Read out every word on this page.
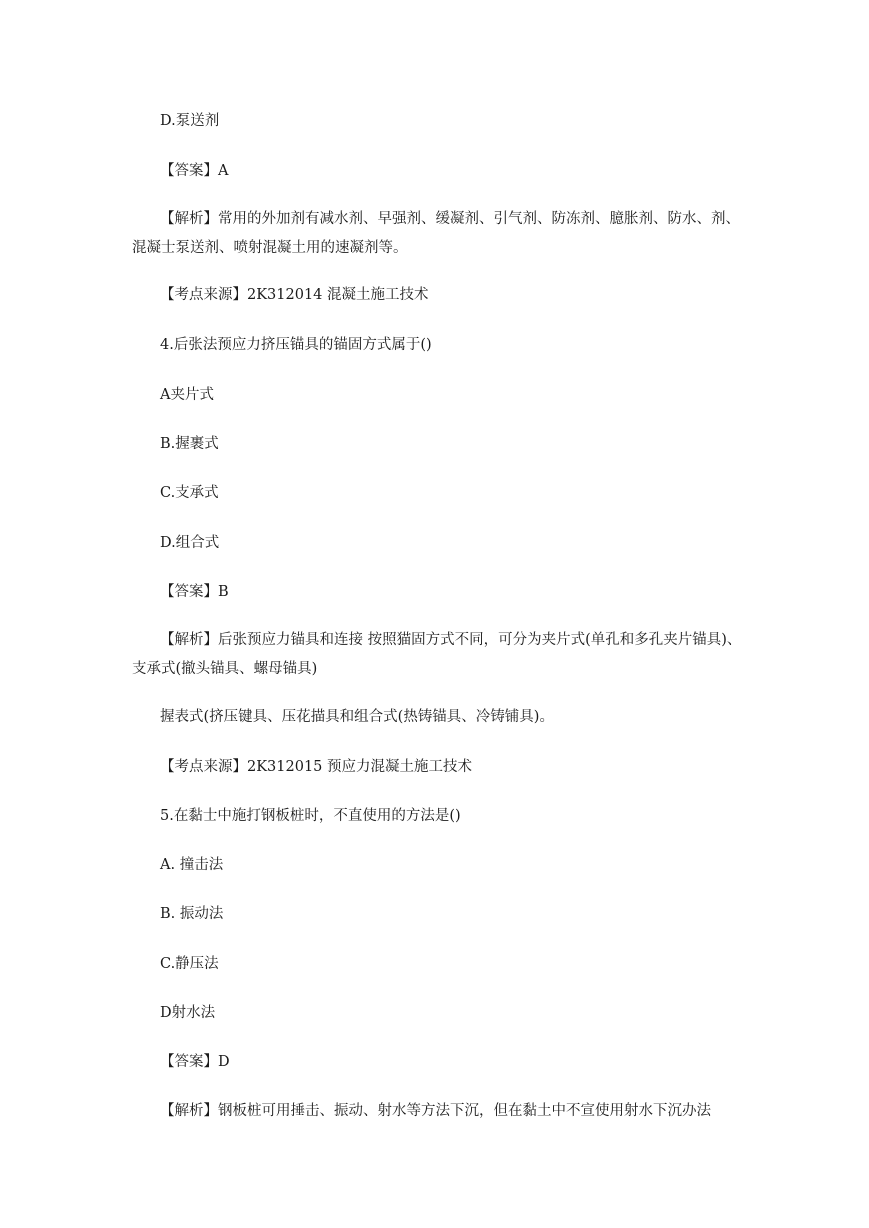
D.泵送剂
【答案】A
【解析】常用的外加剂有减水剂、早强剂、缓凝剂、引气剂、防冻剂、臆胀剂、防水、剂、混凝士泵送剂、喷射混凝土用的速凝剂等。
【考点来源】2K312014 混凝土施工技术
4.后张法预应力挤压锚具的锚固方式属于()
A夹片式
B.握裹式
C.支承式
D.组合式
【答案】B
【解析】后张预应力锚具和连接 按照猫固方式不同，可分为夹片式(单孔和多孔夹片锚具)、支承式(撤头锚具、螺母锚具)
握表式(挤压键具、压花描具和组合式(热铸锚具、冷铸铺具)。
【考点来源】2K312015 预应力混凝土施工技术
5.在黏士中施打钢板桩时，不直使用的方法是()
A. 撞击法
B. 振动法
C.静压法
D射水法
【答案】D
【解析】钢板桩可用捶击、振动、射水等方法下沉，但在黏土中不宣使用射水下沉办法
